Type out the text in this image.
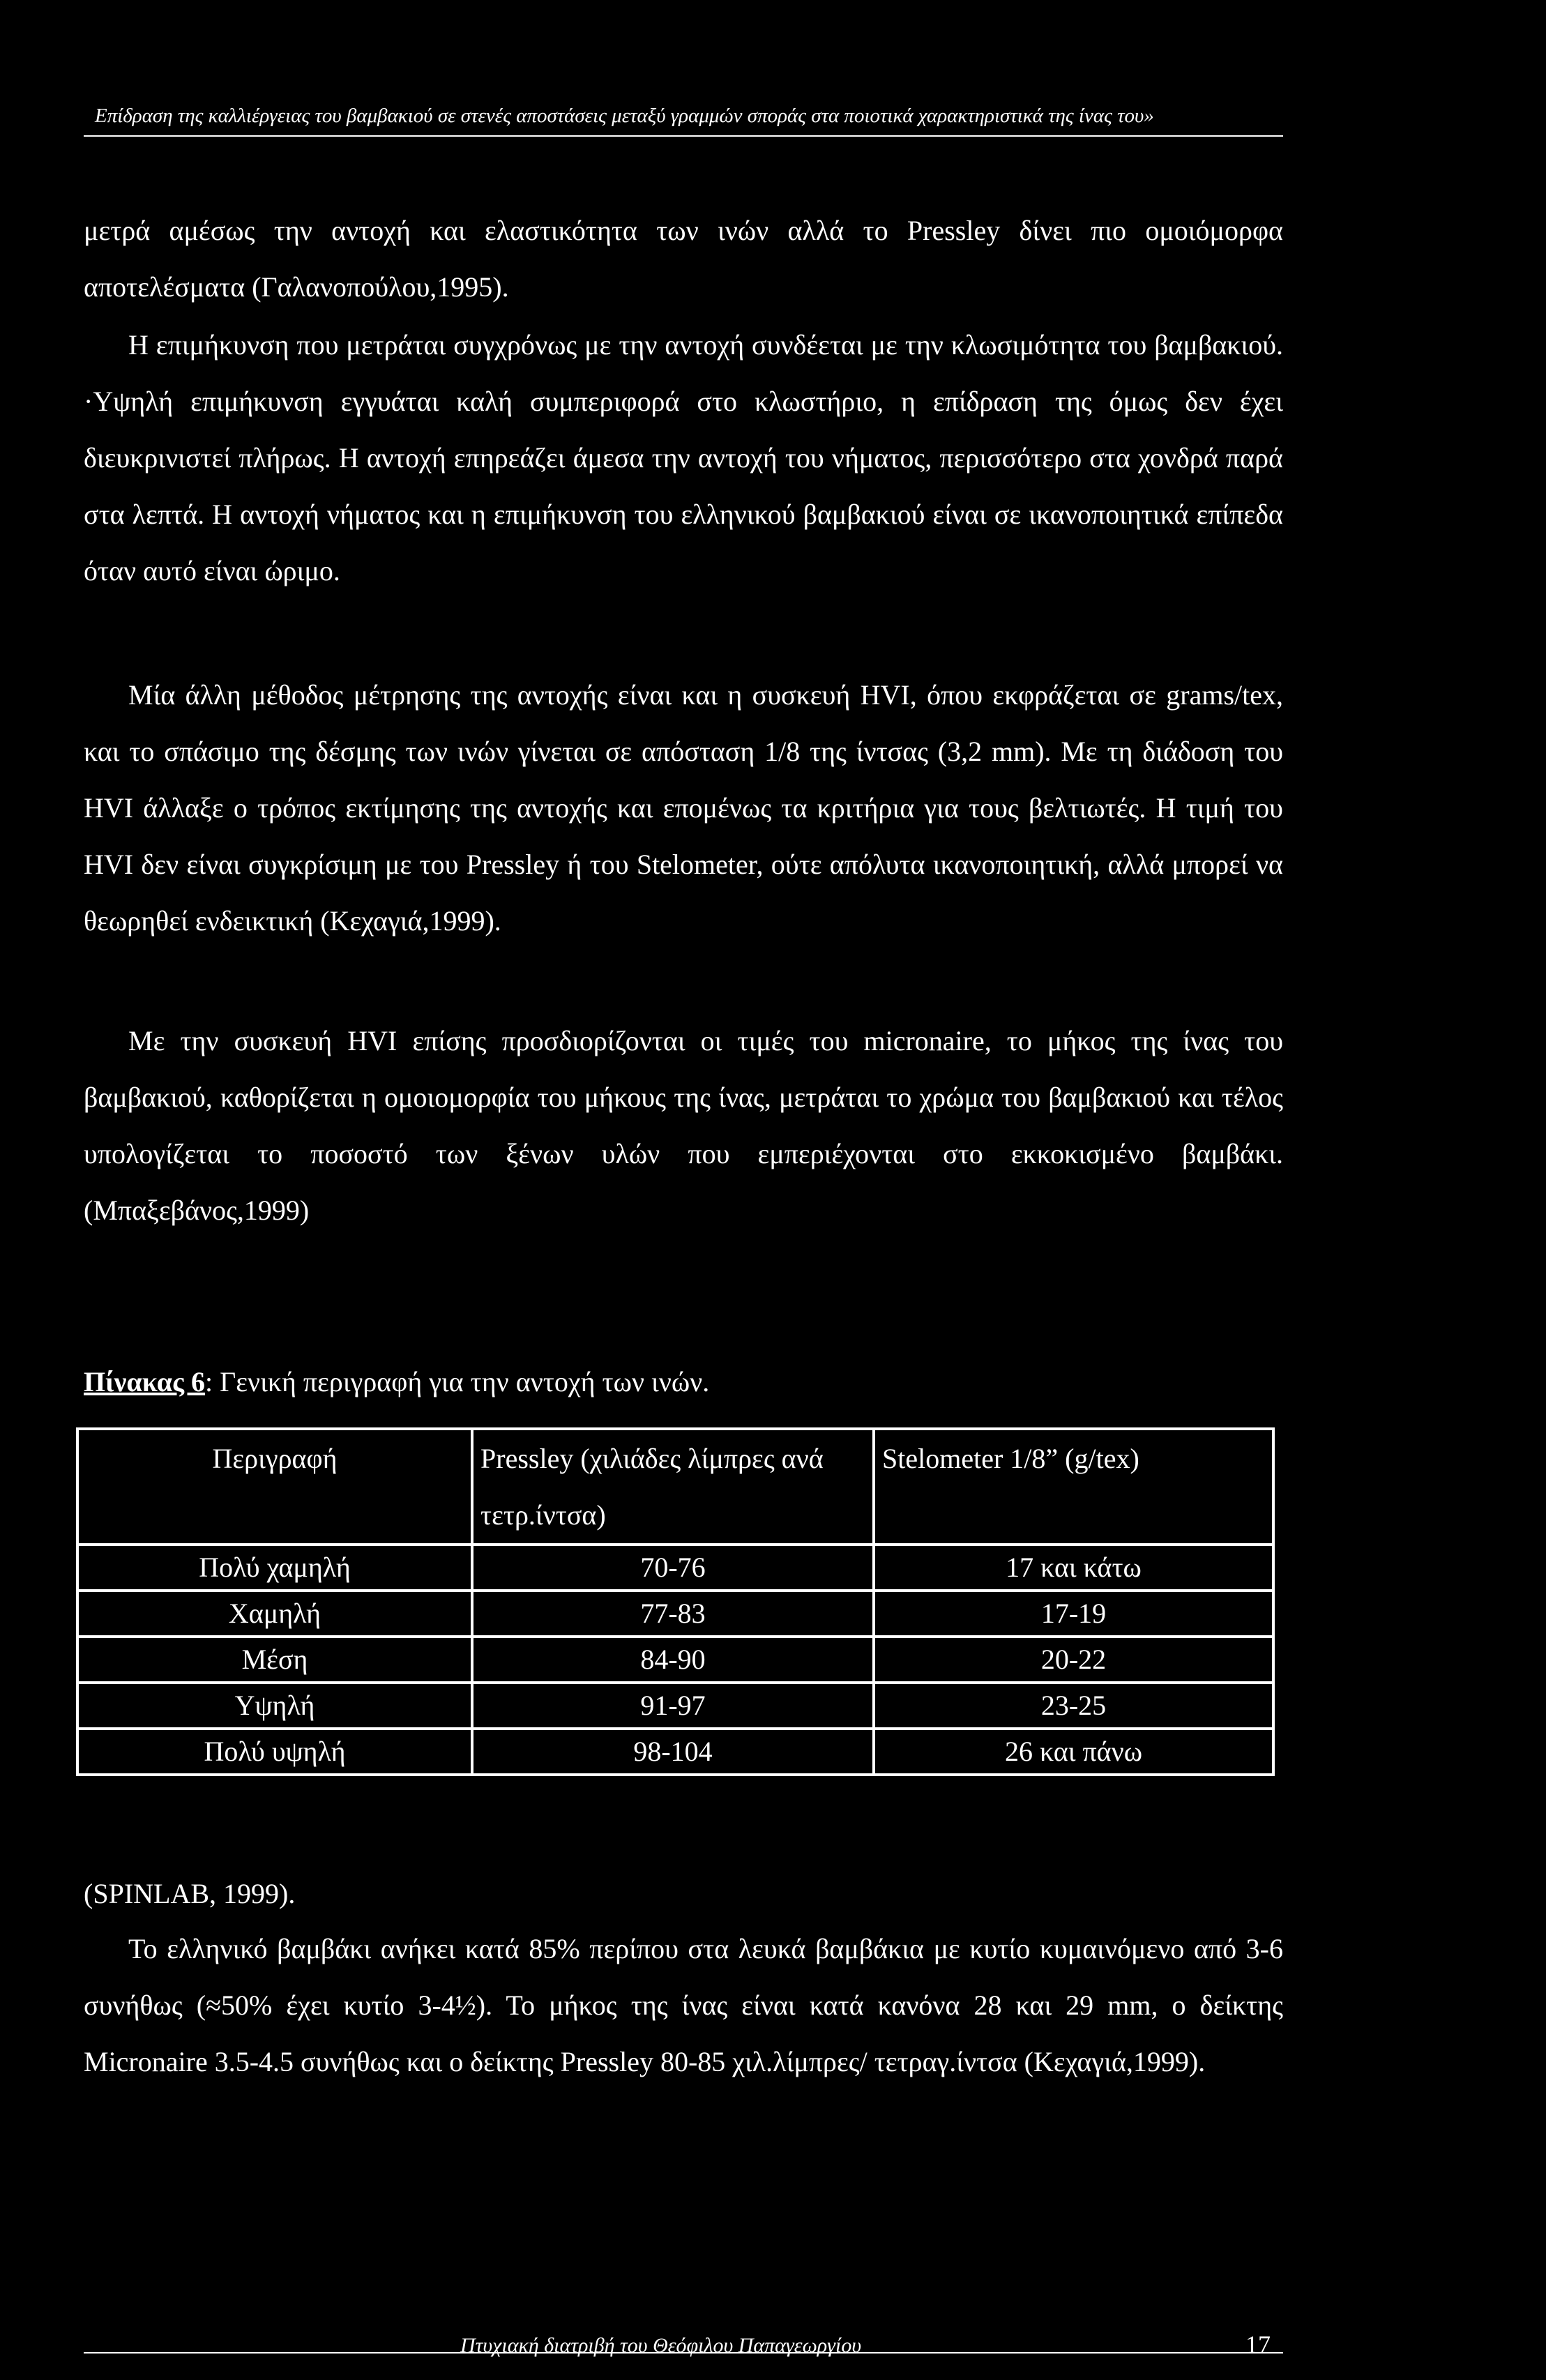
Επίδραση της καλλιέργειας του βαμβακιού σε στενές αποστάσεις μεταξύ γραμμών σποράς στα ποιοτικά χαρακτηριστικά της ίνας του»

μετρά αμέσως την αντοχή και ελαστικότητα των ινών αλλά το Pressley δίνει πιο ομοιόμορφα αποτελέσματα (Γαλανοπούλου,1995).

Η επιμήκυνση που μετράται συγχρόνως με την αντοχή συνδέεται με την κλωσιμότητα του βαμβακιού. ·Υψηλή επιμήκυνση εγγυάται καλή συμπεριφορά στο κλωστήριο, η επίδραση της όμως δεν έχει διευκρινιστεί πλήρως. Η αντοχή επηρεάζει άμεσα την αντοχή του νήματος, περισσότερο στα χονδρά παρά στα λεπτά. Η αντοχή νήματος και η επιμήκυνση του ελληνικού βαμβακιού είναι σε ικανοποιητικά επίπεδα όταν αυτό είναι ώριμο.

Μία άλλη μέθοδος μέτρησης της αντοχής είναι και η συσκευή HVI, όπου εκφράζεται σε grams/tex, και το σπάσιμο της δέσμης των ινών γίνεται σε απόσταση 1/8 της ίντσας (3,2 mm). Με τη διάδοση του HVI άλλαξε ο τρόπος εκτίμησης της αντοχής και επομένως τα κριτήρια για τους βελτιωτές. Η τιμή του HVI δεν είναι συγκρίσιμη με του Pressley ή του Stelometer, ούτε απόλυτα ικανοποιητική, αλλά μπορεί να θεωρηθεί ενδεικτική (Κεχαγιά,1999).

Με την συσκευή HVI επίσης προσδιορίζονται οι τιμές του micronaire, το μήκος της ίνας του βαμβακιού, καθορίζεται η ομοιομορφία του μήκους της ίνας, μετράται το χρώμα του βαμβακιού και τέλος υπολογίζεται το ποσοστό των ξένων υλών που εμπεριέχονται στο εκκοκισμένο βαμβάκι. (Μπαξεβάνος,1999)

Πίνακας 6: Γενική περιγραφή για την αντοχή των ινών.
Περιγραφή	Pressley (χιλιάδες λίμπρες ανά τετρ.ίντσα)	Stelometer 1/8” (g/tex)
Πολύ χαμηλή	70-76	17 και κάτω
Χαμηλή	77-83	17-19
Μέση	84-90	20-22
Υψηλή	91-97	23-25
Πολύ υψηλή	98-104	26 και πάνω
(SPINLAB, 1999).

Το ελληνικό βαμβάκι ανήκει κατά 85% περίπου στα λευκά βαμβάκια με κυτίο κυμαινόμενο από 3-6 συνήθως (≈50% έχει κυτίο 3-4½). Το μήκος της ίνας είναι κατά κανόνα 28 και 29 mm, ο δείκτης Micronaire 3.5-4.5 συνήθως και ο δείκτης Pressley 80-85 χιλ.λίμπρες/ τετραγ.ίντσα (Κεχαγιά,1999).

Πτυχιακή διατριβή του Θεόφιλου Παπαγεωργίου	17
